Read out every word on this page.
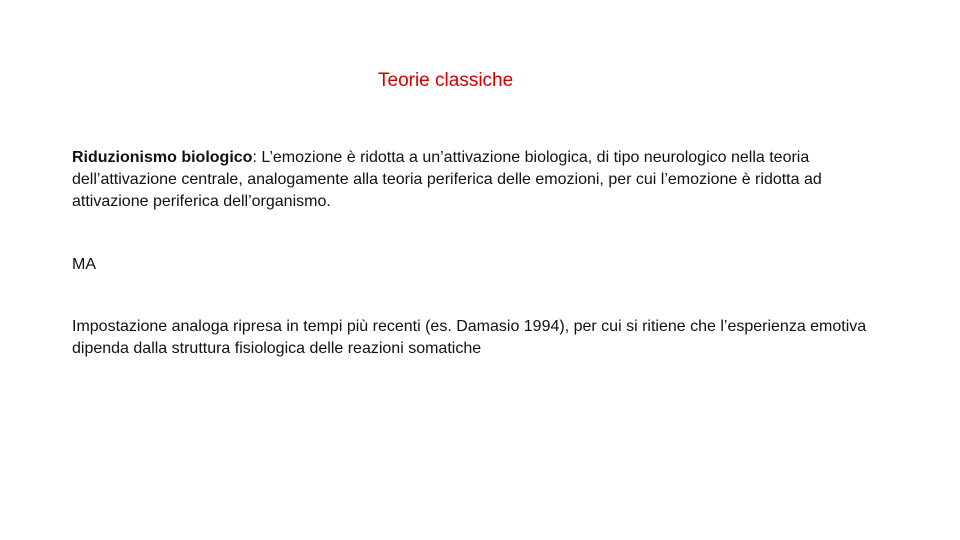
Teorie classiche
Riduzionismo biologico: L’emozione è ridotta a un’attivazione biologica, di tipo neurologico nella teoria dell’attivazione centrale, analogamente alla teoria periferica delle emozioni, per cui l’emozione è ridotta ad attivazione periferica dell’organismo.
MA
Impostazione analoga ripresa in tempi più recenti (es. Damasio 1994), per cui si ritiene che l’esperienza emotiva dipenda dalla struttura fisiologica delle reazioni somatiche
